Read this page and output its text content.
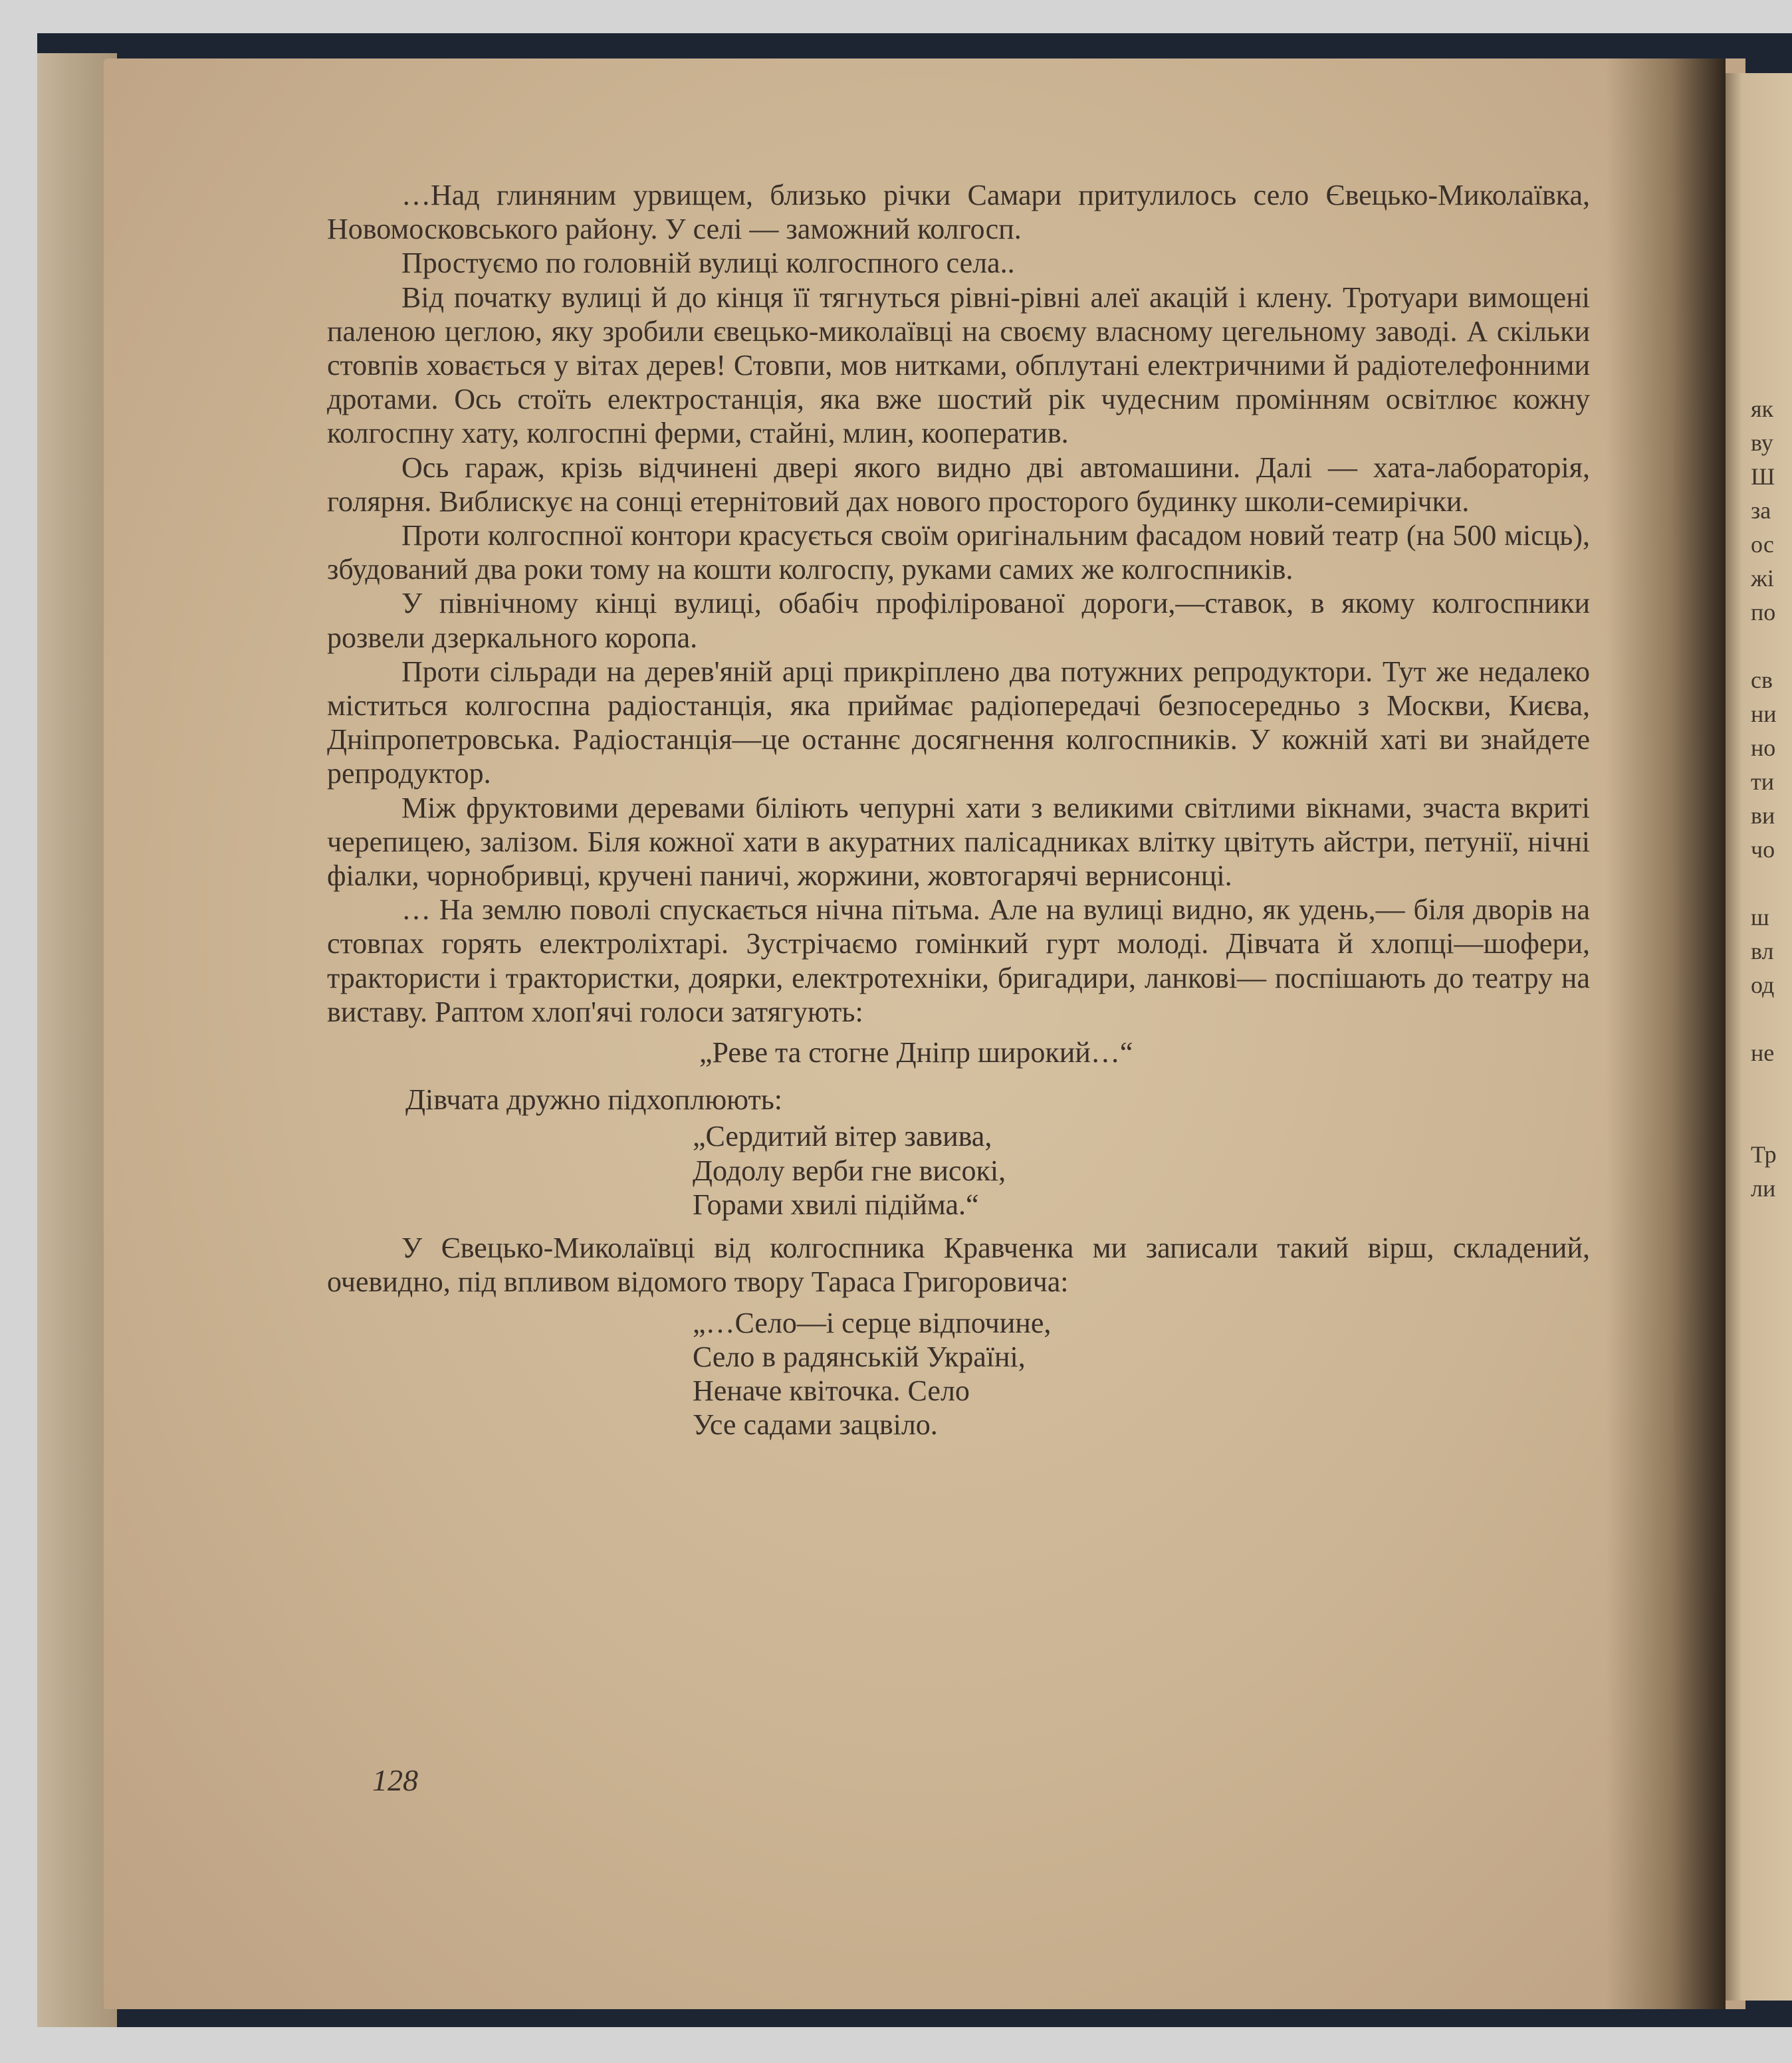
як
ву
Ш
за
ос
жі
по
св
ни
но
ти
ви
чо
ш
вл
од
не
Тр
ли

…Над глиняним урвищем, близько річки Самари притулилось село Євецько-Миколаївка, Новомосковського району. У селі — заможний колгосп.

Простуємо по головній вулиці колгоспного села..

Від початку вулиці й до кінця її тягнуться рівні-рівні алеї акацій і клену. Тротуари вимощені паленою цеглою, яку зробили євецько-миколаївці на своєму власному цегельному заводі. А скільки стовпів ховається у вітах дерев! Стовпи, мов нитками, обплутані електричними й радіотелефонними дротами. Ось стоїть електростанція, яка вже шостий рік чудесним промінням освітлює кожну колгоспну хату, колгоспні ферми, стайні, млин, кооператив.

Ось гараж, крізь відчинені двері якого видно дві автомашини. Далі — хата-лабораторія, голярня. Виблискує на сонці етернітовий дах нового просторого будинку школи-семирічки.

Проти колгоспної контори красується своїм оригінальним фасадом новий театр (на 500 місць), збудований два роки тому на кошти колгоспу, руками самих же колгоспників.

У північному кінці вулиці, обабіч профілірованої дороги,—ставок, в якому колгоспники розвели дзеркального коропа.

Проти сільради на дерев'яній арці прикріплено два потужних репродуктори. Тут же недалеко міститься колгоспна радіостанція, яка приймає радіопередачі безпосередньо з Москви, Києва, Дніпропетровська. Радіостанція—це останнє досягнення колгоспників. У кожній хаті ви знайдете репродуктор.

Між фруктовими деревами біліють чепурні хати з великими світлими вікнами, зчаста вкриті черепицею, залізом. Біля кожної хати в акуратних палісадниках влітку цвітуть айстри, петунії, нічні фіалки, чорнобривці, кручені паничі, жоржини, жовтогарячі вернисонці.

… На землю поволі спускається нічна пітьма. Але на вулиці видно, як удень,— біля дворів на стовпах горять електроліхтарі. Зустрічаємо гомінкий гурт молоді. Дівчата й хлопці—шофери, трактористи і трактористки, доярки, електротехніки, бригадири, ланкові— поспішають до театру на виставу. Раптом хлоп'ячі голоси затягують:

„Реве та стогне Дніпр широкий…“
Дівчата дружно підхоплюють:
„Сердитий вітер завива,
Додолу верби гне високі,
Горами хвилі підійма.“

У Євецько-Миколаївці від колгоспника Кравченка ми записали такий вірш, складений, очевидно, під впливом відомого твору Тараса Григоровича:

„…Село—і серце відпочине,
Село в радянській Україні,
Неначе квіточка. Село
Усе садами зацвіло.
128
